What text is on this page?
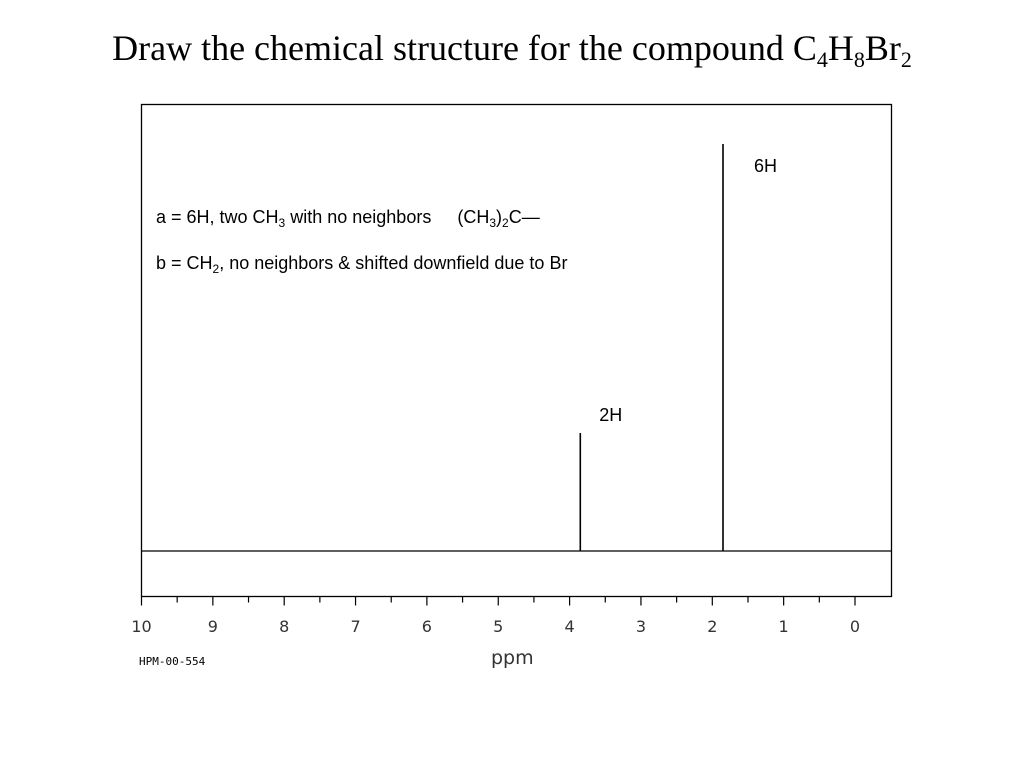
Draw the chemical structure for the compound $C_4H_8Br_2$
10	9	8	7	6	5	4	3	2	1	0
a = 6H, two $CH_3$ with no neighbors $(CH_3)_2C—$
$b = CH_2$, no neighbors & shifted downfield due to Br
2H
6H
HPM-00-554	ppm
